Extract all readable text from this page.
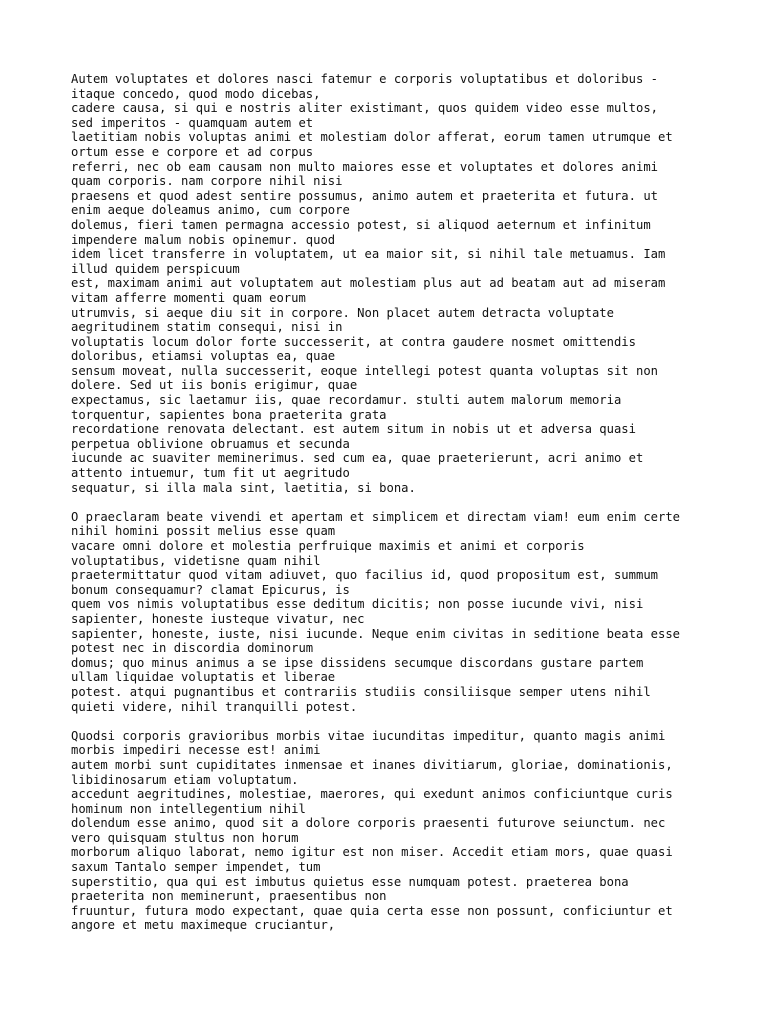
Autem voluptates et dolores nasci fatemur e corporis voluptatibus et doloribus -
itaque concedo, quod modo dicebas,
cadere causa, si qui e nostris aliter existimant, quos quidem video esse multos,
sed imperitos - quamquam autem et
laetitiam nobis voluptas animi et molestiam dolor afferat, eorum tamen utrumque et
ortum esse e corpore et ad corpus
referri, nec ob eam causam non multo maiores esse et voluptates et dolores animi
quam corporis. nam corpore nihil nisi
praesens et quod adest sentire possumus, animo autem et praeterita et futura. ut
enim aeque doleamus animo, cum corpore
dolemus, fieri tamen permagna accessio potest, si aliquod aeternum et infinitum
impendere malum nobis opinemur. quod
idem licet transferre in voluptatem, ut ea maior sit, si nihil tale metuamus. Iam
illud quidem perspicuum
est, maximam animi aut voluptatem aut molestiam plus aut ad beatam aut ad miseram
vitam afferre momenti quam eorum
utrumvis, si aeque diu sit in corpore. Non placet autem detracta voluptate
aegritudinem statim consequi, nisi in
voluptatis locum dolor forte successerit, at contra gaudere nosmet omittendis
doloribus, etiamsi voluptas ea, quae
sensum moveat, nulla successerit, eoque intellegi potest quanta voluptas sit non
dolere. Sed ut iis bonis erigimur, quae
expectamus, sic laetamur iis, quae recordamur. stulti autem malorum memoria
torquentur, sapientes bona praeterita grata
recordatione renovata delectant. est autem situm in nobis ut et adversa quasi
perpetua oblivione obruamus et secunda
iucunde ac suaviter meminerimus. sed cum ea, quae praeterierunt, acri animo et
attento intuemur, tum fit ut aegritudo
sequatur, si illa mala sint, laetitia, si bona.
O praeclaram beate vivendi et apertam et simplicem et directam viam! eum enim certe
nihil homini possit melius esse quam
vacare omni dolore et molestia perfruique maximis et animi et corporis
voluptatibus, videtisne quam nihil
praetermittatur quod vitam adiuvet, quo facilius id, quod propositum est, summum
bonum consequamur? clamat Epicurus, is
quem vos nimis voluptatibus esse deditum dicitis; non posse iucunde vivi, nisi
sapienter, honeste iusteque vivatur, nec
sapienter, honeste, iuste, nisi iucunde. Neque enim civitas in seditione beata esse
potest nec in discordia dominorum
domus; quo minus animus a se ipse dissidens secumque discordans gustare partem
ullam liquidae voluptatis et liberae
potest. atqui pugnantibus et contrariis studiis consiliisque semper utens nihil
quieti videre, nihil tranquilli potest.
Quodsi corporis gravioribus morbis vitae iucunditas impeditur, quanto magis animi
morbis impediri necesse est! animi
autem morbi sunt cupiditates inmensae et inanes divitiarum, gloriae, dominationis,
libidinosarum etiam voluptatum.
accedunt aegritudines, molestiae, maerores, qui exedunt animos conficiuntque curis
hominum non intellegentium nihil
dolendum esse animo, quod sit a dolore corporis praesenti futurove seiunctum. nec
vero quisquam stultus non horum
morborum aliquo laborat, nemo igitur est non miser. Accedit etiam mors, quae quasi
saxum Tantalo semper impendet, tum
superstitio, qua qui est imbutus quietus esse numquam potest. praeterea bona
praeterita non meminerunt, praesentibus non
fruuntur, futura modo expectant, quae quia certa esse non possunt, conficiuntur et
angore et metu maximeque cruciantur,
